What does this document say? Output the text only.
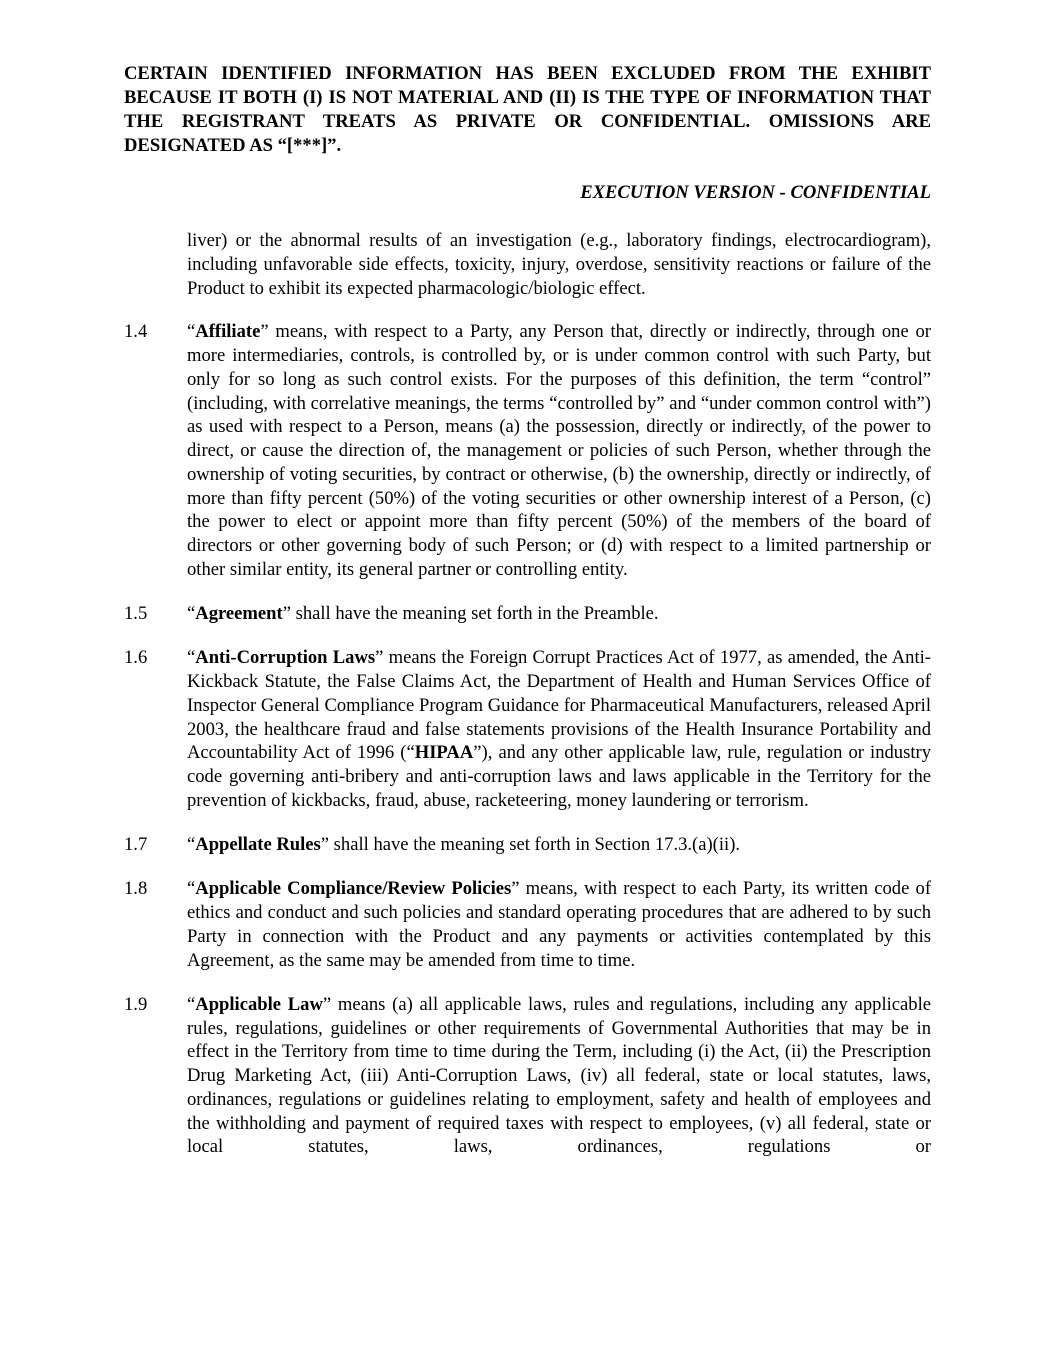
CERTAIN IDENTIFIED INFORMATION HAS BEEN EXCLUDED FROM THE EXHIBIT BECAUSE IT BOTH (I) IS NOT MATERIAL AND (II) IS THE TYPE OF INFORMATION THAT THE REGISTRANT TREATS AS PRIVATE OR CONFIDENTIAL. OMISSIONS ARE DESIGNATED AS “[***]”.
EXECUTION VERSION - CONFIDENTIAL
liver) or the abnormal results of an investigation (e.g., laboratory findings, electrocardiogram), including unfavorable side effects, toxicity, injury, overdose, sensitivity reactions or failure of the Product to exhibit its expected pharmacologic/biologic effect.
1.4	“Affiliate” means, with respect to a Party, any Person that, directly or indirectly, through one or more intermediaries, controls, is controlled by, or is under common control with such Party, but only for so long as such control exists. For the purposes of this definition, the term “control” (including, with correlative meanings, the terms “controlled by” and “under common control with”) as used with respect to a Person, means (a) the possession, directly or indirectly, of the power to direct, or cause the direction of, the management or policies of such Person, whether through the ownership of voting securities, by contract or otherwise, (b) the ownership, directly or indirectly, of more than fifty percent (50%) of the voting securities or other ownership interest of a Person, (c) the power to elect or appoint more than fifty percent (50%) of the members of the board of directors or other governing body of such Person; or (d) with respect to a limited partnership or other similar entity, its general partner or controlling entity.
1.5	“Agreement” shall have the meaning set forth in the Preamble.
1.6	“Anti-Corruption Laws” means the Foreign Corrupt Practices Act of 1977, as amended, the Anti-Kickback Statute, the False Claims Act, the Department of Health and Human Services Office of Inspector General Compliance Program Guidance for Pharmaceutical Manufacturers, released April 2003, the healthcare fraud and false statements provisions of the Health Insurance Portability and Accountability Act of 1996 (“HIPAA”), and any other applicable law, rule, regulation or industry code governing anti-bribery and anti-corruption laws and laws applicable in the Territory for the prevention of kickbacks, fraud, abuse, racketeering, money laundering or terrorism.
1.7	“Appellate Rules” shall have the meaning set forth in Section 17.3.(a)(ii).
1.8	“Applicable Compliance/Review Policies” means, with respect to each Party, its written code of ethics and conduct and such policies and standard operating procedures that are adhered to by such Party in connection with the Product and any payments or activities contemplated by this Agreement, as the same may be amended from time to time.
1.9	“Applicable Law” means (a) all applicable laws, rules and regulations, including any applicable rules, regulations, guidelines or other requirements of Governmental Authorities that may be in effect in the Territory from time to time during the Term, including (i) the Act, (ii) the Prescription Drug Marketing Act, (iii) Anti-Corruption Laws, (iv) all federal, state or local statutes, laws, ordinances, regulations or guidelines relating to employment, safety and health of employees and the withholding and payment of required taxes with respect to employees, (v) all federal, state or local statutes, laws, ordinances, regulations or
